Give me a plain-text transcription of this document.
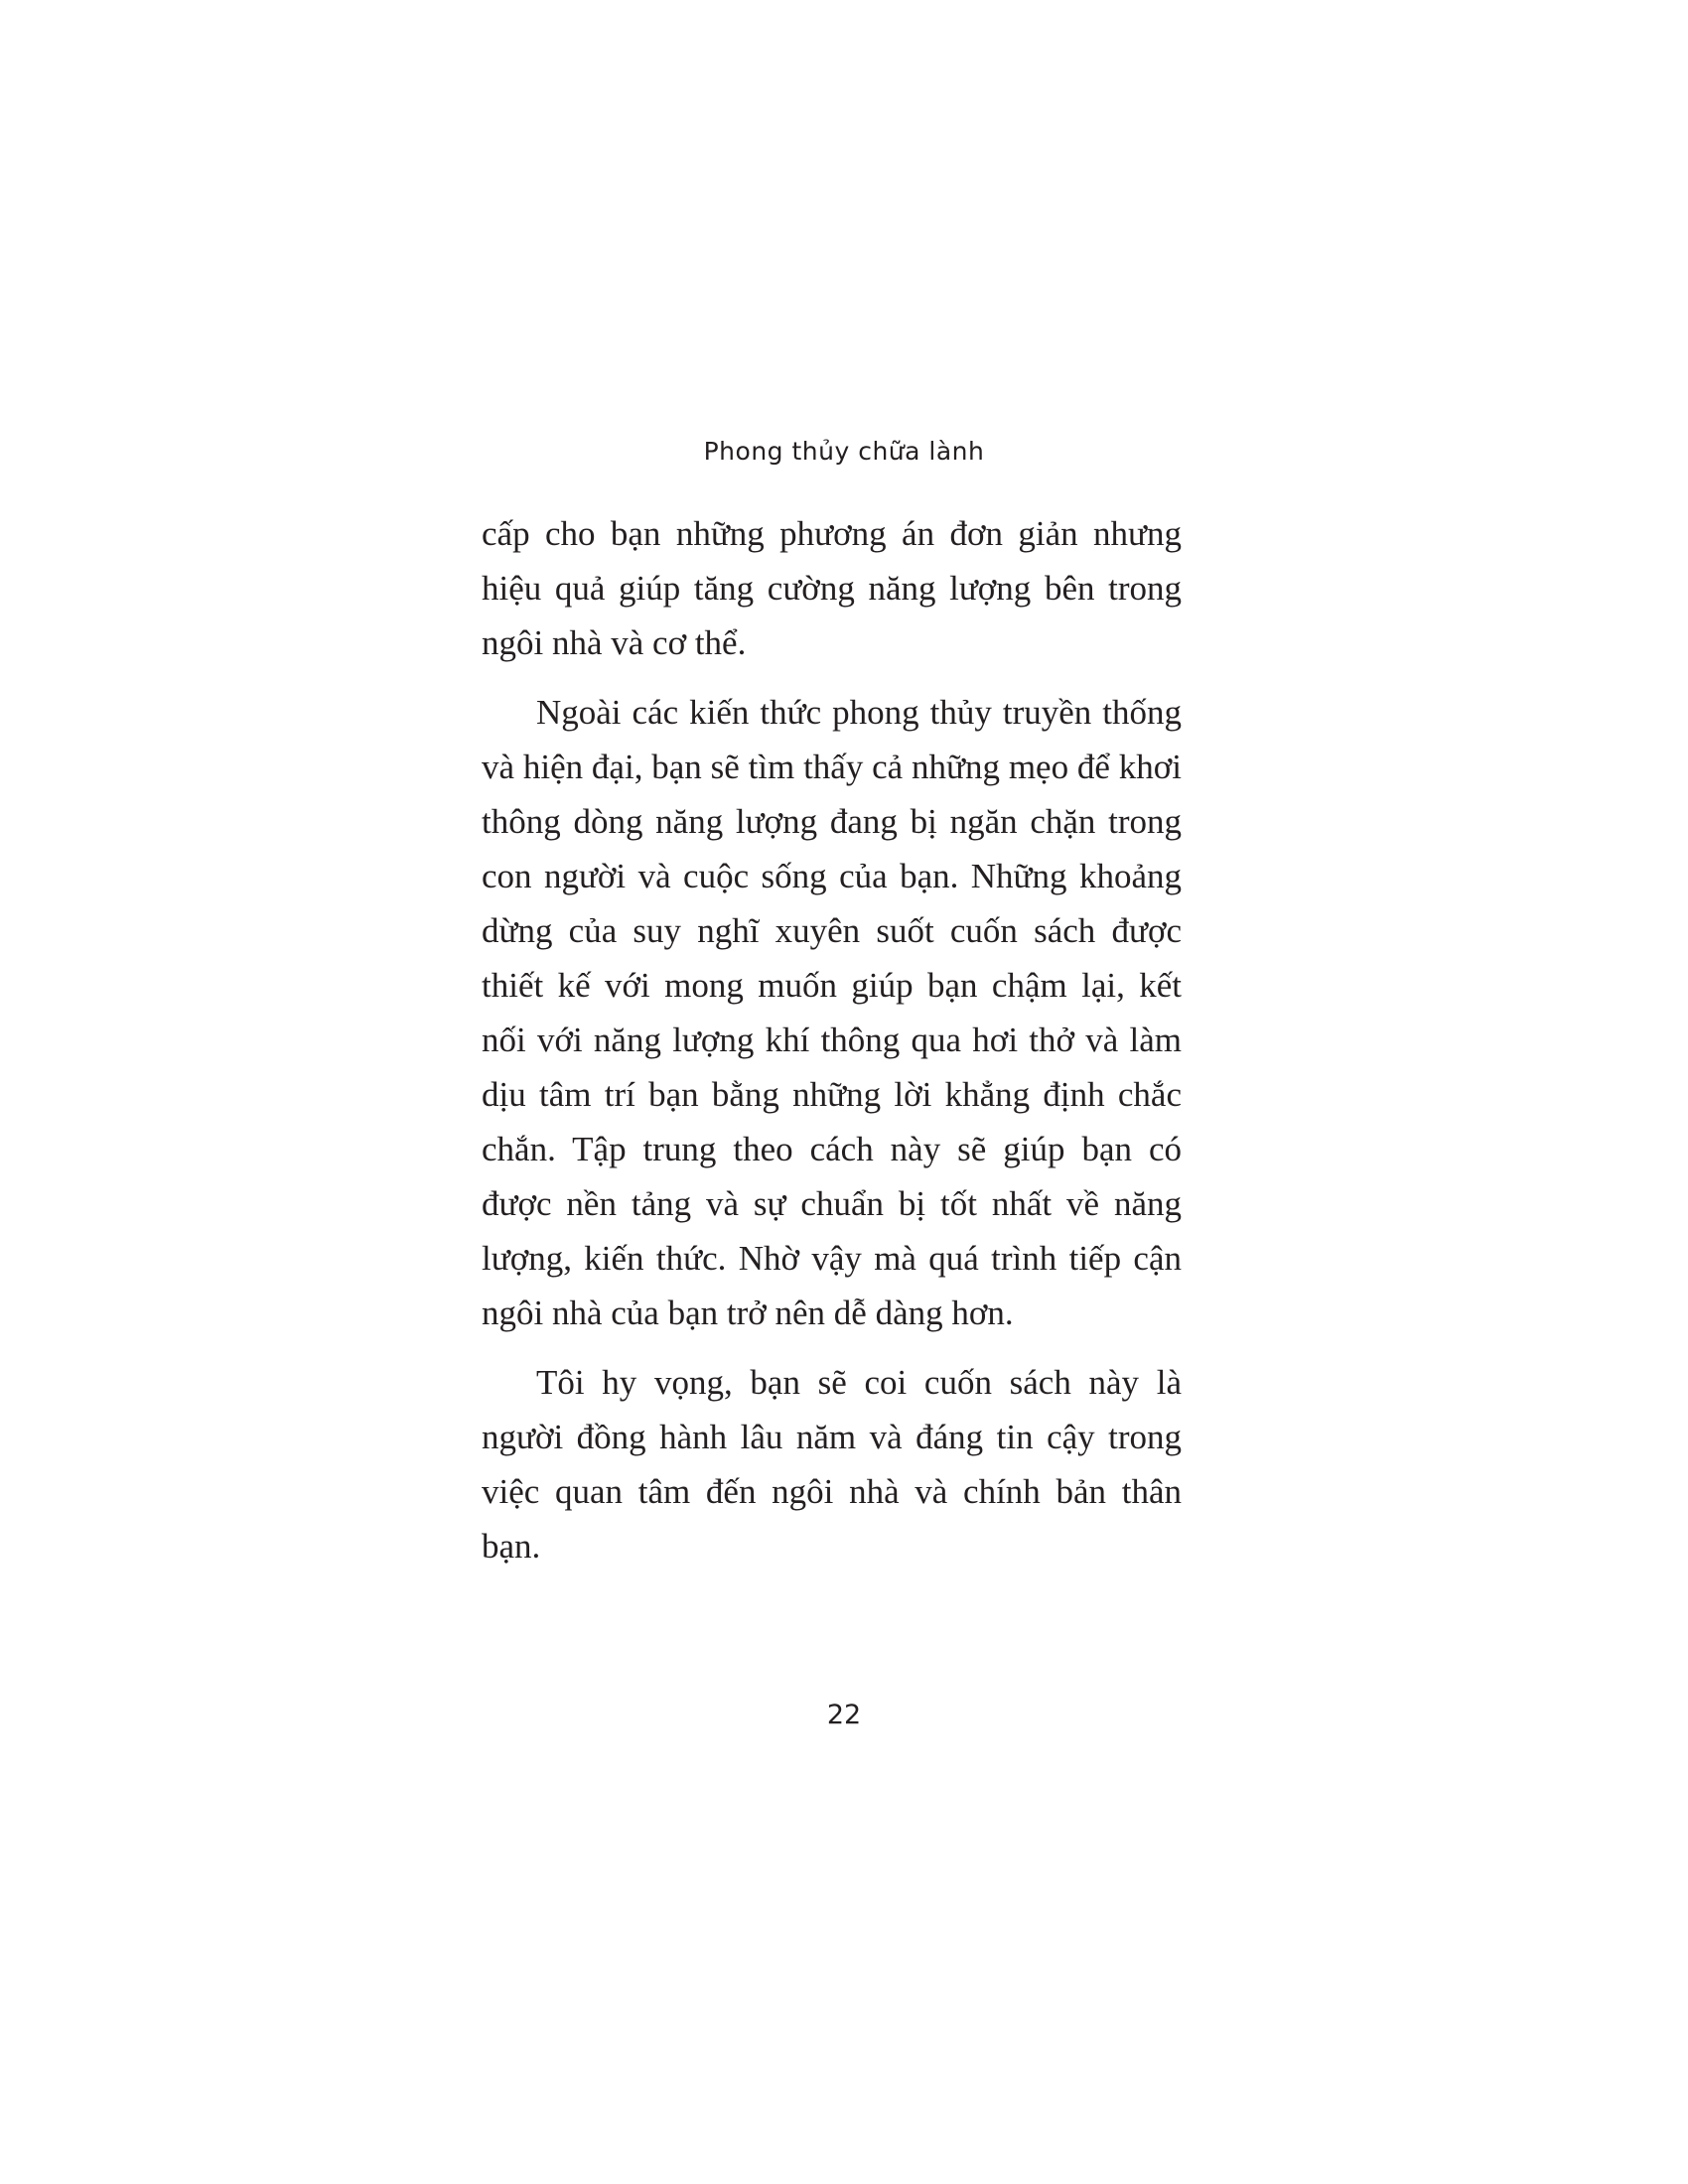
Phong thủy chữa lành

cấp cho bạn những phương án đơn giản nhưng hiệu quả giúp tăng cường năng lượng bên trong ngôi nhà và cơ thể.

Ngoài các kiến thức phong thủy truyền thống và hiện đại, bạn sẽ tìm thấy cả những mẹo để khơi thông dòng năng lượng đang bị ngăn chặn trong con người và cuộc sống của bạn. Những khoảng dừng của suy nghĩ xuyên suốt cuốn sách được thiết kế với mong muốn giúp bạn chậm lại, kết nối với năng lượng khí thông qua hơi thở và làm dịu tâm trí bạn bằng những lời khẳng định chắc chắn. Tập trung theo cách này sẽ giúp bạn có được nền tảng và sự chuẩn bị tốt nhất về năng lượng, kiến thức. Nhờ vậy mà quá trình tiếp cận ngôi nhà của bạn trở nên dễ dàng hơn.

Tôi hy vọng, bạn sẽ coi cuốn sách này là người đồng hành lâu năm và đáng tin cậy trong việc quan tâm đến ngôi nhà và chính bản thân bạn.

22
